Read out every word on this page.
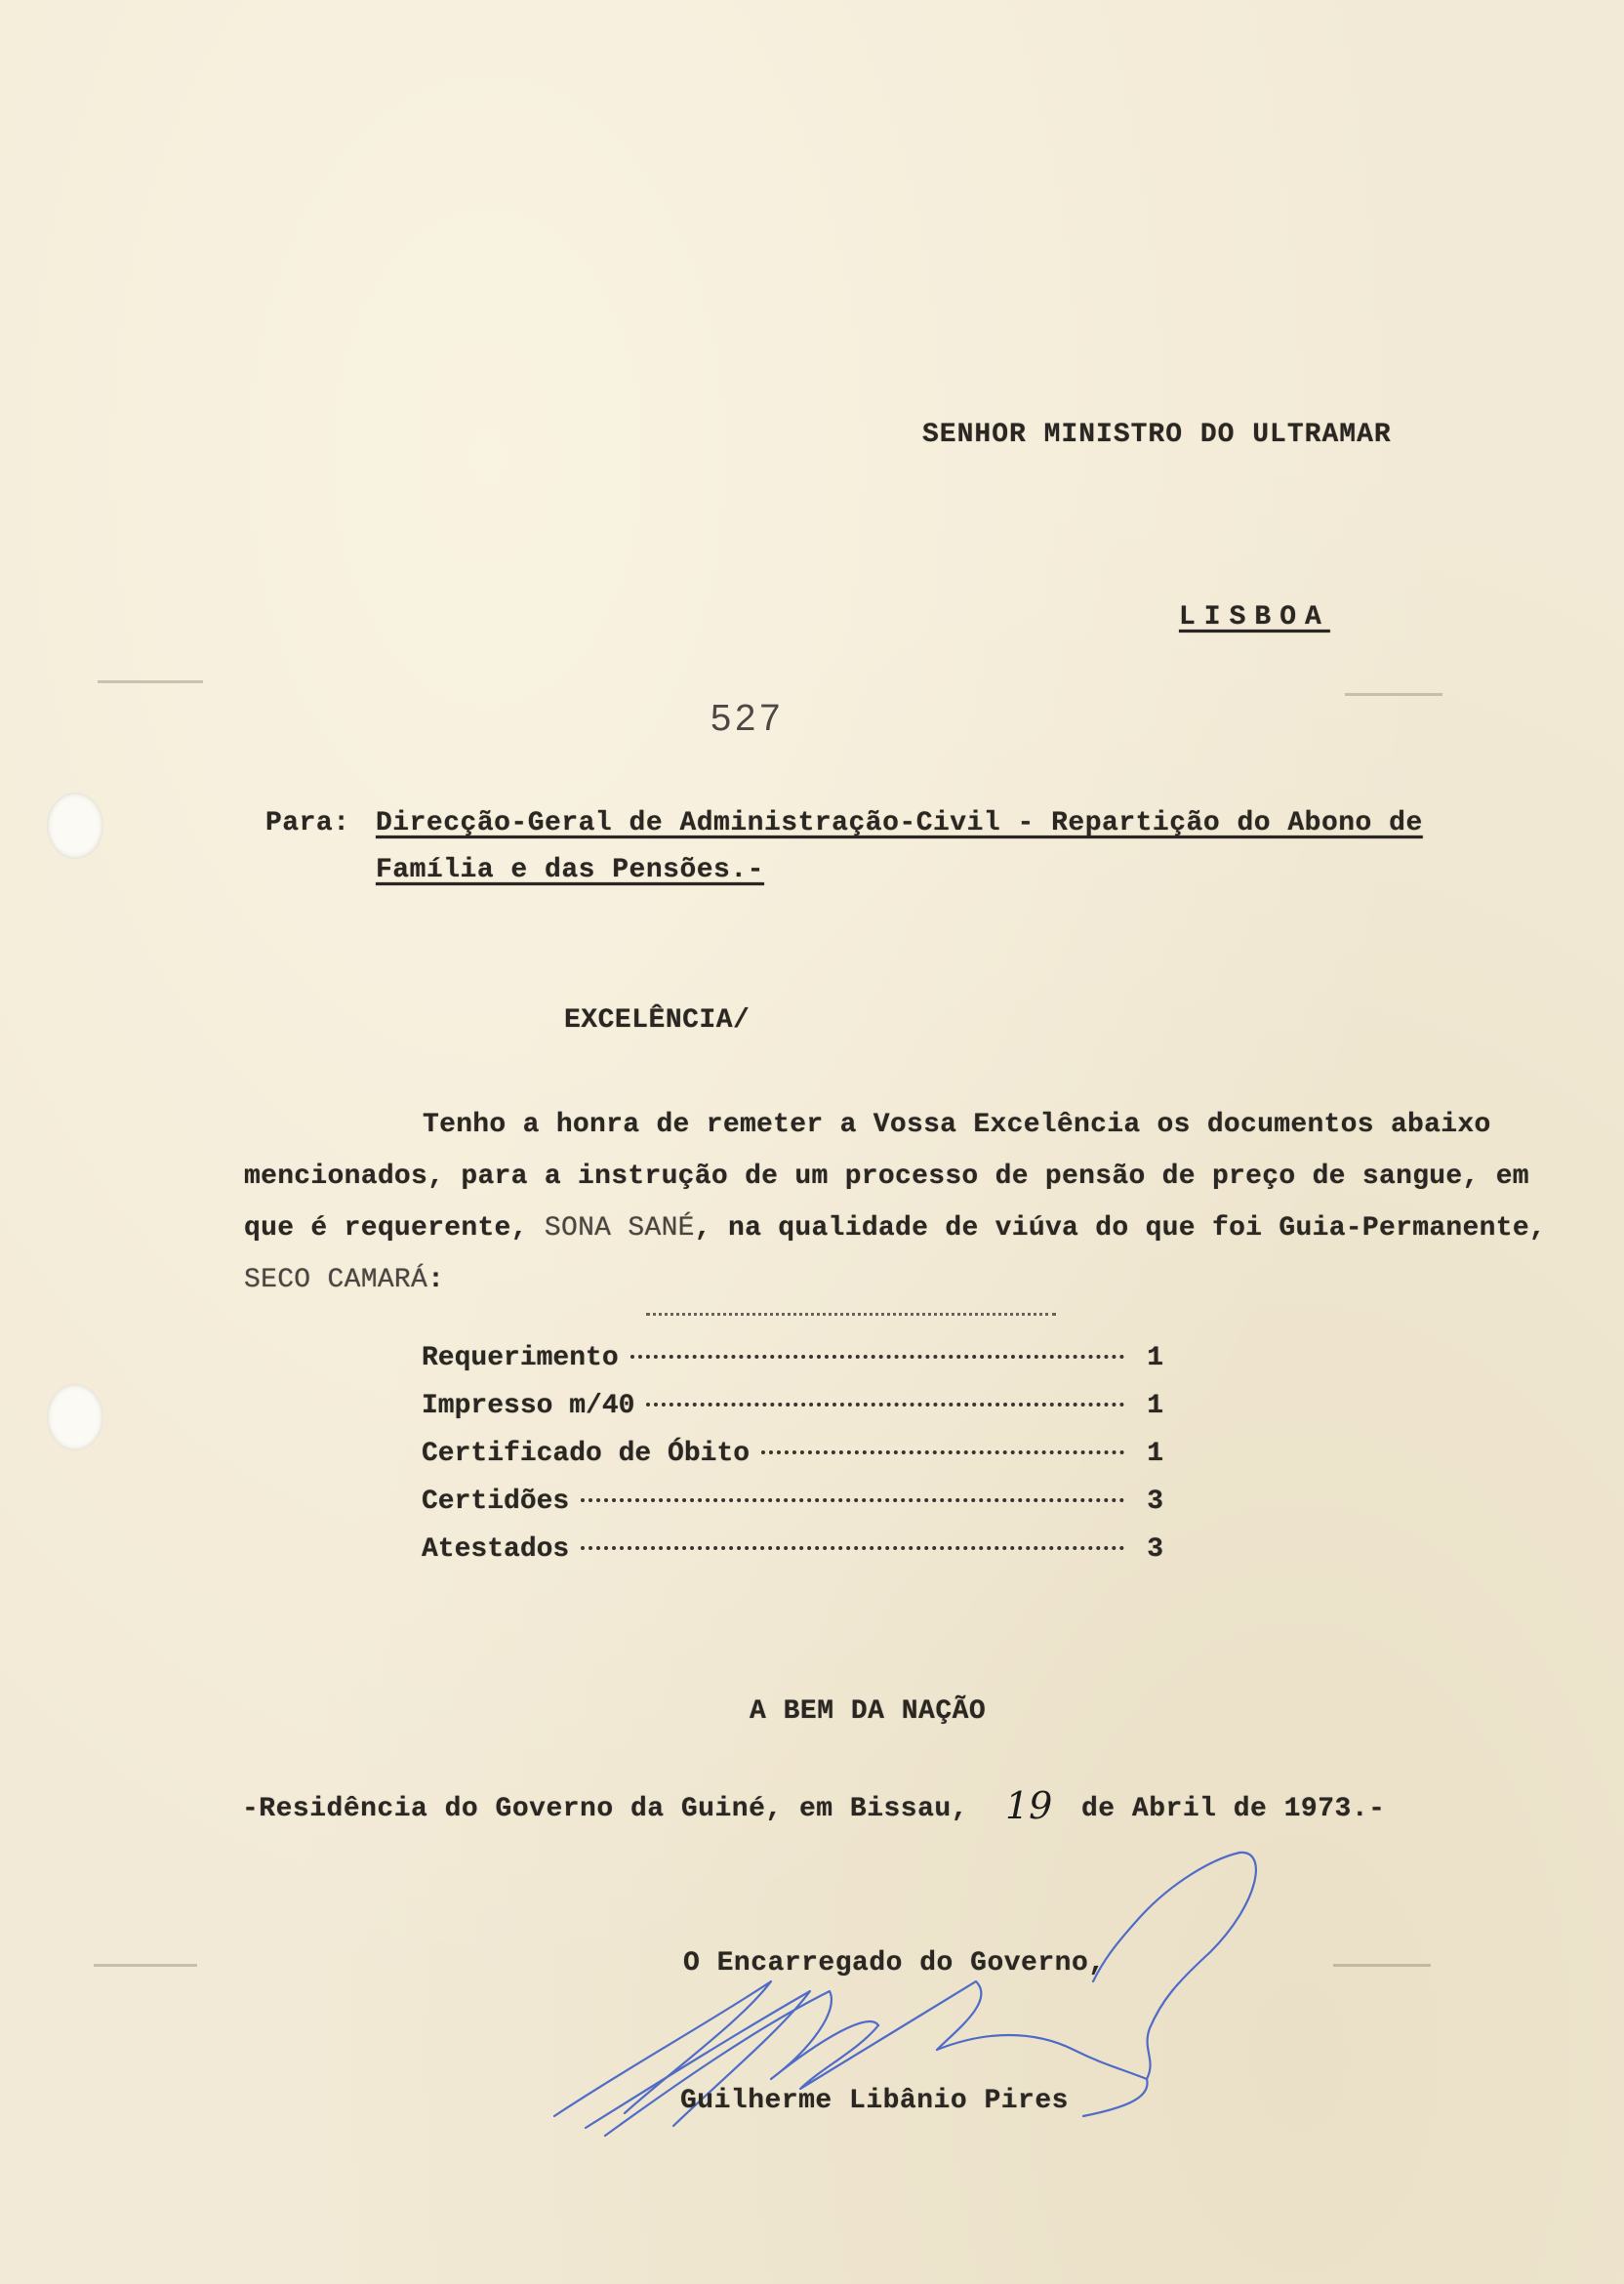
SENHOR MINISTRO DO ULTRAMAR
LISBOA
527
Para: Direcção-Geral de Administração-Civil - Repartição do Abono de
Família e das Pensões.-
EXCELÊNCIA/
Tenho a honra de remeter a Vossa Excelência os documentos abaixo mencionados, para a instrução de um processo de pensão de preço de sangue, em que é requerente, SONA SANÉ, na qualidade de viúva do que foi Guia-Permanente, SECO CAMARÁ:
Requerimento	1
Impresso m/40	1
Certificado de Óbito	1
Certidões	3
Atestados	3
A BEM DA NAÇÃO
-Residência do Governo da Guiné, em Bissau, 19 de Abril de 1973.-
O Encarregado do Governo,
Guilherme Libânio Pires
